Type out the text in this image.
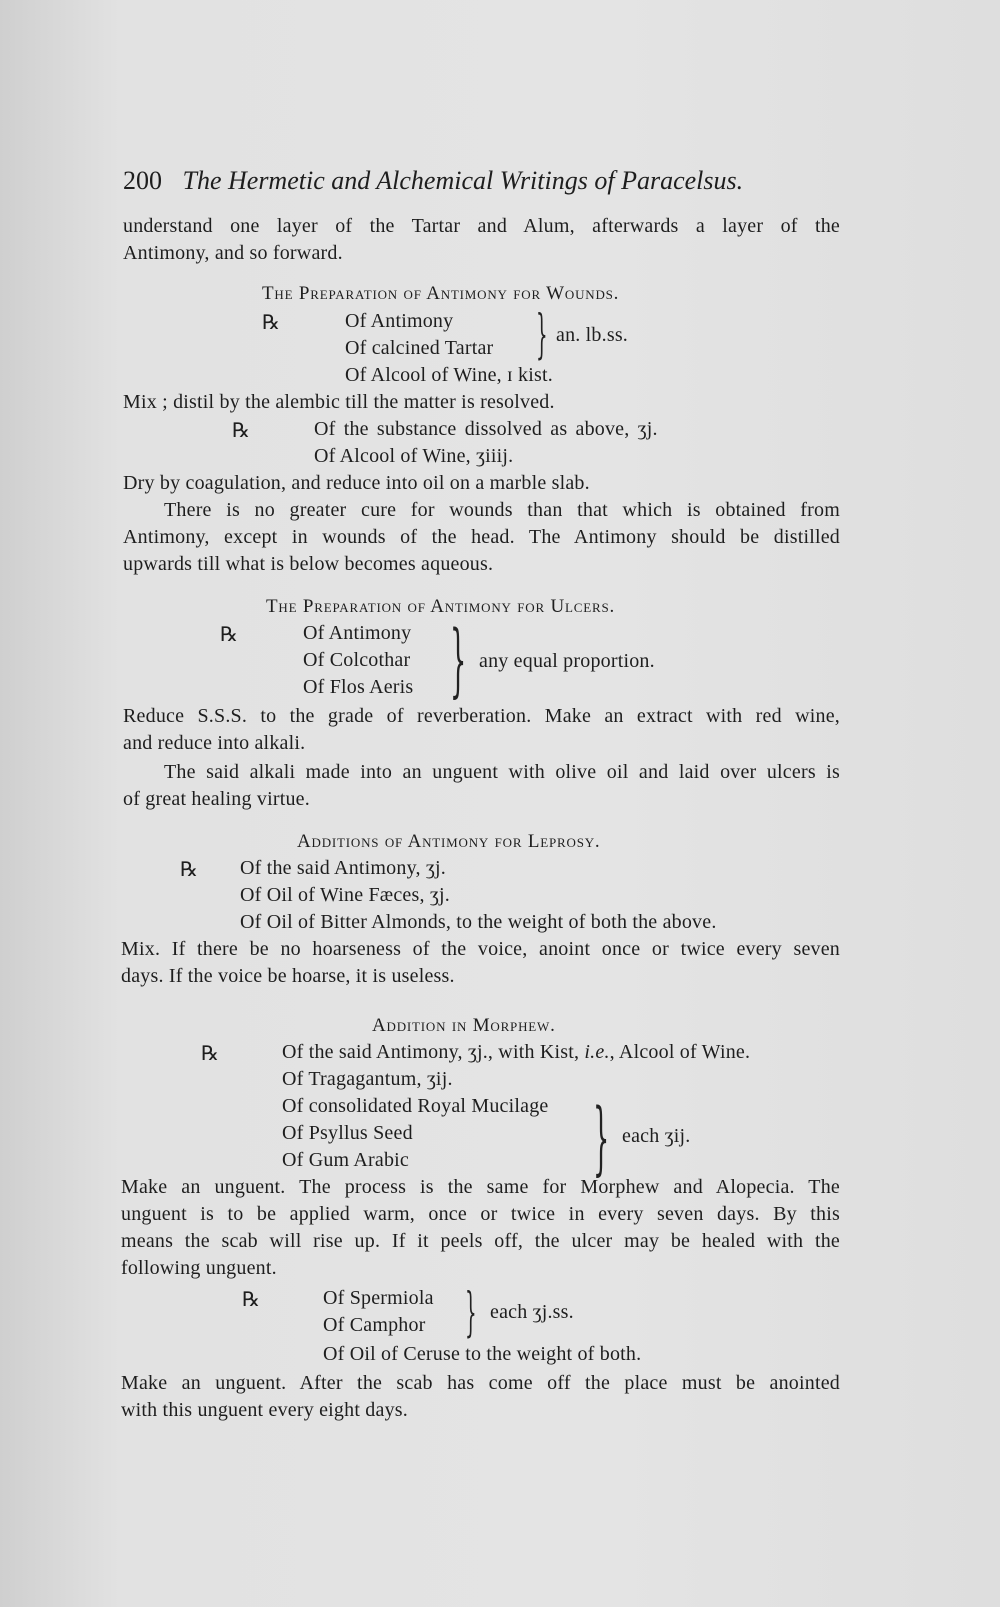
200 The Hermetic and Alchemical Writings of Paracelsus.
understand one layer of the Tartar and Alum, afterwards a layer of the
Antimony, and so forward.
The Preparation of Antimony for Wounds.
℞	Of Antimony
Of calcined Tartar } an. lb.ss.
Of Alcool of Wine, ɪ kist.
Mix ; distil by the alembic till the matter is resolved.
℞	Of the substance dissolved as above, ʒj.
Of Alcool of Wine, ʒiiij.
Dry by coagulation, and reduce into oil on a marble slab.
There is no greater cure for wounds than that which is obtained from
Antimony, except in wounds of the head. The Antimony should be distilled
upwards till what is below becomes aqueous.
The Preparation of Antimony for Ulcers.
℞	Of Antimony
Of Colcothar
Of Flos Aeris } any equal proportion.
Reduce S.S.S. to the grade of reverberation. Make an extract with red wine,
and reduce into alkali.
The said alkali made into an unguent with olive oil and laid over ulcers is
of great healing virtue.
Additions of Antimony for Leprosy.
℞ Of the said Antimony, ʒj.
Of Oil of Wine Fæces, ʒj.
Of Oil of Bitter Almonds, to the weight of both the above.
Mix. If there be no hoarseness of the voice, anoint once or twice every seven
days. If the voice be hoarse, it is useless.
Addition in Morphew.
℞	Of the said Antimony, ʒj., with Kist, i.e., Alcool of Wine.
Of Tragagantum, ʒij.
Of consolidated Royal Mucilage
Of Psyllus Seed
Of Gum Arabic } each ʒij.
Make an unguent. The process is the same for Morphew and Alopecia. The
unguent is to be applied warm, once or twice in every seven days. By this
means the scab will rise up. If it peels off, the ulcer may be healed with the
following unguent.
℞	Of Spermiola
Of Camphor } each ʒj.ss.
Of Oil of Ceruse to the weight of both.
Make an unguent. After the scab has come off the place must be anointed
with this unguent every eight days.
